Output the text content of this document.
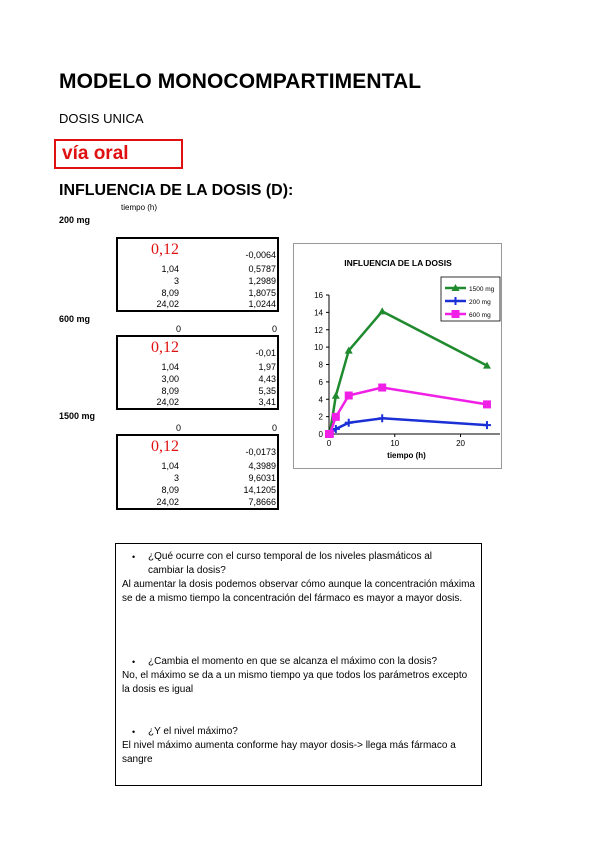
MODELO MONOCOMPARTIMENTAL
DOSIS UNICA
vía oral
INFLUENCIA DE LA DOSIS (D):
tiempo (h)
200 mg
0,12	-0,0064
1,04	0,5787
3	1,2989
8,09	1,8075
24,02	1,0244
600 mg
0	0
0,12	-0,01
1,04	1,97
3,00	4,43
8,09	5,35
24,02	3,41
1500 mg
0	0
0,12	-0,0173
1,04	4,3989
3	9,6031
8,09	14,1205
24,02	7,8666
INFLUENCIA DE LA DOSIS
0
2
4
6
8
10
12
14
16
0	10	20
tiempo (h)
1500 mg
200 mg
600 mg
• ¿Qué ocurre con el curso temporal de los niveles plasmáticos al cambiar la dosis?
Al aumentar la dosis podemos observar cómo aunque la concentración máxima se de a mismo tiempo la concentración del fármaco es mayor a mayor dosis.
• ¿Cambia el momento en que se alcanza el máximo con la dosis?
No, el máximo se da a un mismo tiempo ya que todos los parámetros excepto la dosis es igual
• ¿Y el nivel máximo?
El nivel máximo aumenta conforme hay mayor dosis-> llega más fármaco a sangre
